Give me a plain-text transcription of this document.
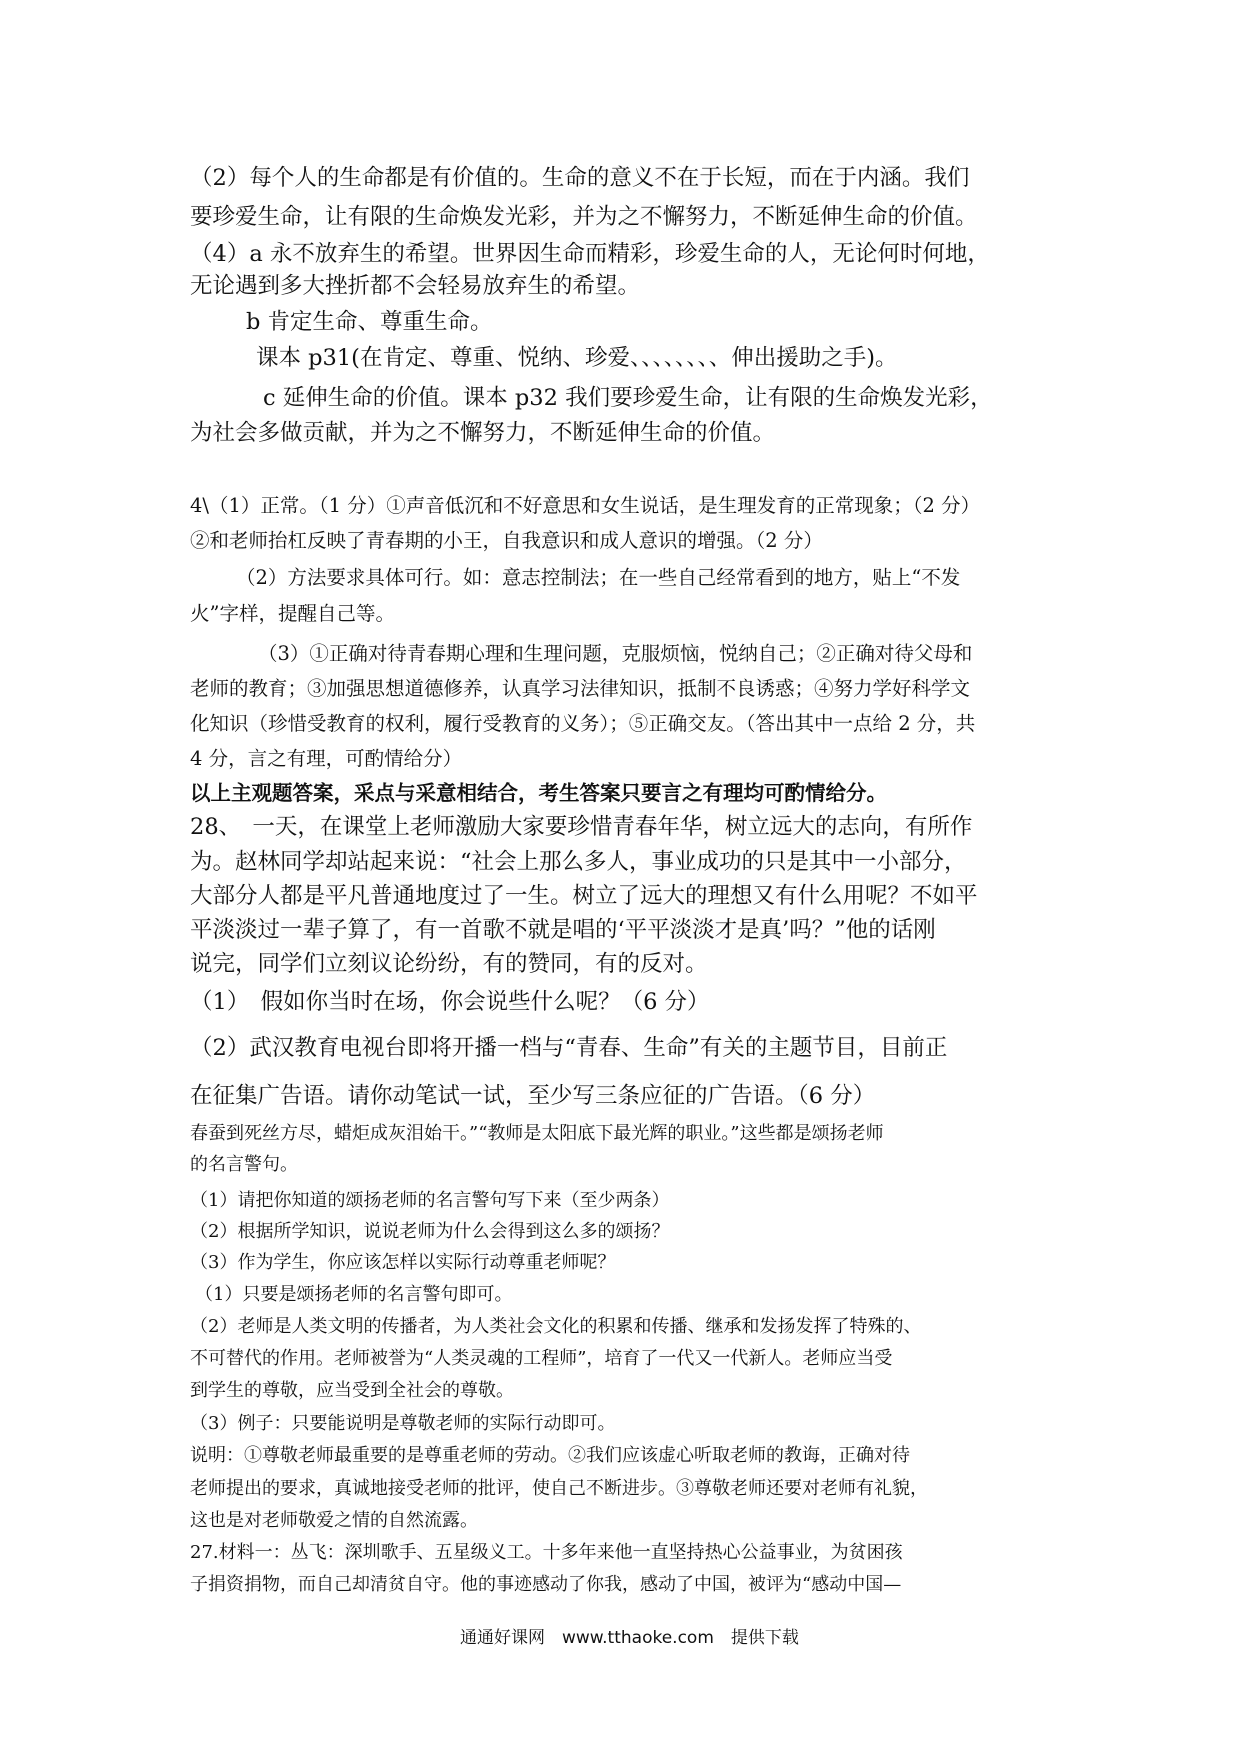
（2）每个人的生命都是有价值的。生命的意义不在于长短，而在于内涵。我们
要珍爱生命，让有限的生命焕发光彩，并为之不懈努力，不断延伸生命的价值。
（4）a 永不放弃生的希望。世界因生命而精彩，珍爱生命的人，无论何时何地，
无论遇到多大挫折都不会轻易放弃生的希望。
b 肯定生命、尊重生命。
课本 p31(在肯定、尊重、悦纳、珍爱、、、、、、、、伸出援助之手)。
c 延伸生命的价值。课本 p32 我们要珍爱生命，让有限的生命焕发光彩，
为社会多做贡献，并为之不懈努力，不断延伸生命的价值。
4\（1）正常。（1 分）①声音低沉和不好意思和女生说话，是生理发育的正常现象；（2 分）
②和老师抬杠反映了青春期的小王，自我意识和成人意识的增强。（2 分）
（2）方法要求具体可行。如：意志控制法；在一些自己经常看到的地方，贴上“不发
火”字样，提醒自己等。
（3）①正确对待青春期心理和生理问题，克服烦恼，悦纳自己；②正确对待父母和
老师的教育；③加强思想道德修养，认真学习法律知识，抵制不良诱惑；④努力学好科学文
化知识（珍惜受教育的权利，履行受教育的义务）；⑤正确交友。（答出其中一点给 2 分，共
4 分，言之有理，可酌情给分）
以上主观题答案，采点与采意相结合，考生答案只要言之有理均可酌情给分。
28、　一天，在课堂上老师激励大家要珍惜青春年华，树立远大的志向，有所作
为。赵林同学却站起来说：“社会上那么多人，事业成功的只是其中一小部分，
大部分人都是平凡普通地度过了一生。树立了远大的理想又有什么用呢？不如平
平淡淡过一辈子算了，有一首歌不就是唱的‘平平淡淡才是真’吗？”他的话刚
说完，同学们立刻议论纷纷，有的赞同，有的反对。
（1）　假如你当时在场，你会说些什么呢？（6 分）
（2）武汉教育电视台即将开播一档与“青春、生命”有关的主题节目，目前正
在征集广告语。请你动笔试一试，至少写三条应征的广告语。（6 分）
春蚕到死丝方尽，蜡炬成灰泪始干。”“教师是太阳底下最光辉的职业。”这些都是颂扬老师
的名言警句。
（1）请把你知道的颂扬老师的名言警句写下来（至少两条）
（2）根据所学知识，说说老师为什么会得到这么多的颂扬？
（3）作为学生，你应该怎样以实际行动尊重老师呢？
（1）只要是颂扬老师的名言警句即可。
（2）老师是人类文明的传播者，为人类社会文化的积累和传播、继承和发扬发挥了特殊的、
不可替代的作用。老师被誉为“人类灵魂的工程师”，培育了一代又一代新人。老师应当受
到学生的尊敬，应当受到全社会的尊敬。
（3）例子：只要能说明是尊敬老师的实际行动即可。
说明：①尊敬老师最重要的是尊重老师的劳动。②我们应该虚心听取老师的教诲，正确对待
老师提出的要求，真诚地接受老师的批评，使自己不断进步。③尊敬老师还要对老师有礼貌，
这也是对老师敬爱之情的自然流露。
27.材料一：丛飞：深圳歌手、五星级义工。十多年来他一直坚持热心公益事业，为贫困孩
子捐资捐物，而自己却清贫自守。他的事迹感动了你我，感动了中国，被评为“感动中国—
通通好课网　www.tthaoke.com　提供下载
